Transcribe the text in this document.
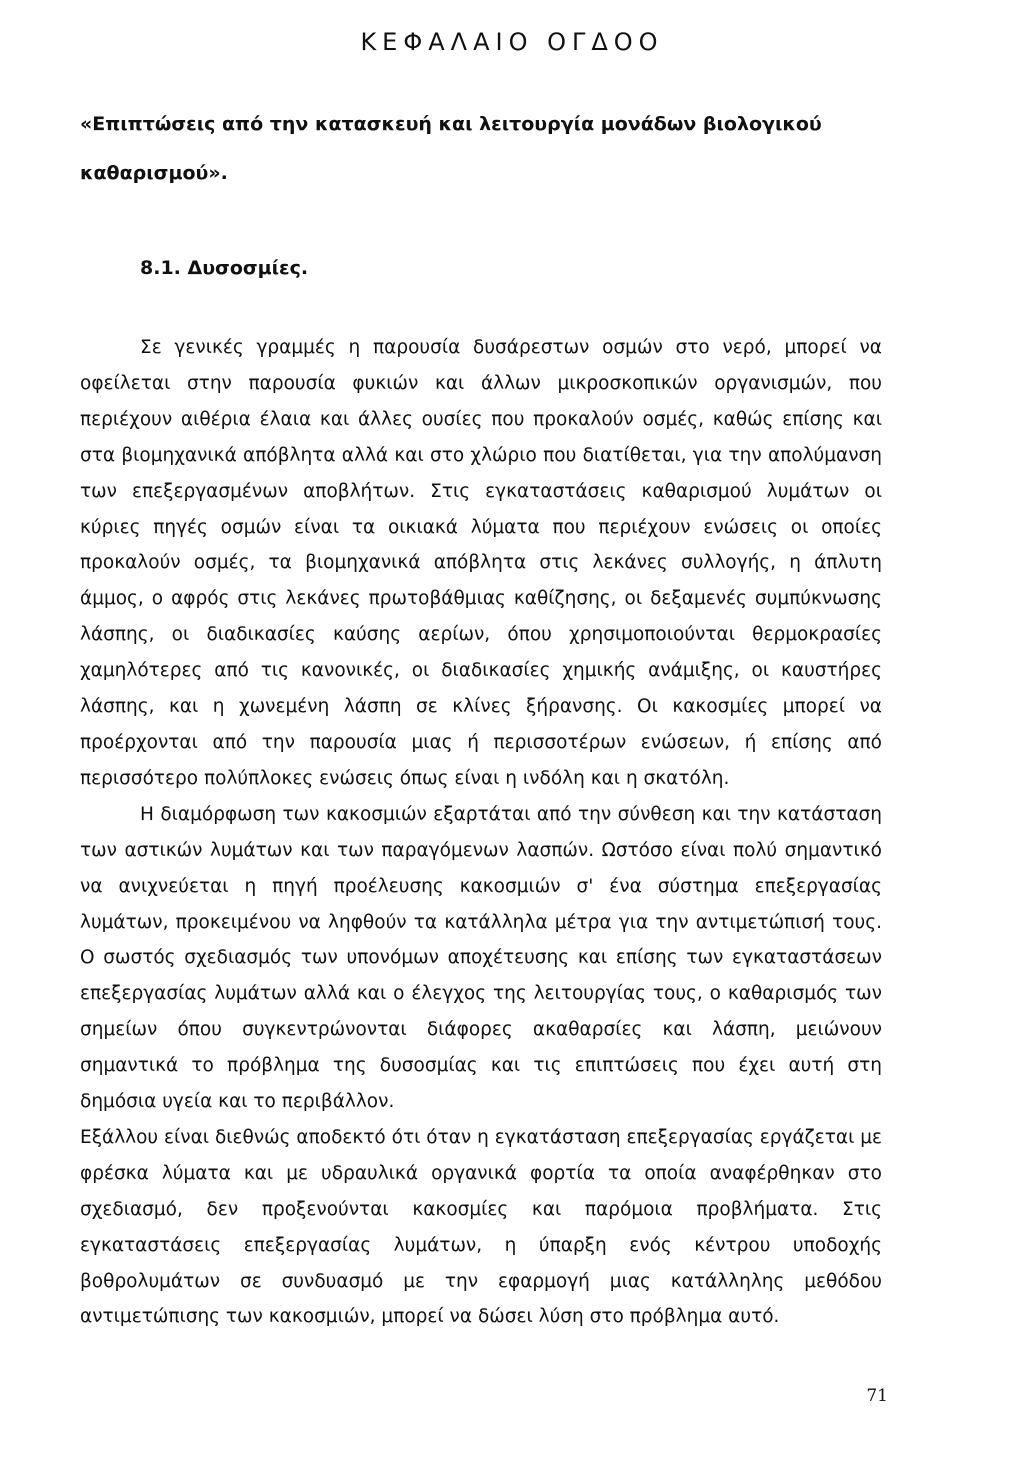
ΚΕΦΑΛΑΙΟ ΟΓΔΟΟ
«Επιπτώσεις από την κατασκευή και λειτουργία μονάδων βιολογικού καθαρισμού».
8.1. Δυσοσμίες.

Σε γενικές γραμμές η παρουσία δυσάρεστων οσμών στο νερό, μπορεί να οφείλεται στην παρουσία φυκιών και άλλων μικροσκοπικών οργανισμών, που περιέχουν αιθέρια έλαια και άλλες ουσίες που προκαλούν οσμές, καθώς επίσης και στα βιομηχανικά απόβλητα αλλά και στο χλώριο που διατίθεται, για την απολύμανση των επεξεργασμένων αποβλήτων. Στις εγκαταστάσεις καθαρισμού λυμάτων οι κύριες πηγές οσμών είναι τα οικιακά λύματα που περιέχουν ενώσεις οι οποίες προκαλούν οσμές, τα βιομηχανικά απόβλητα στις λεκάνες συλλογής, η άπλυτη άμμος, ο αφρός στις λεκάνες πρωτοβάθμιας καθίζησης, οι δεξαμενές συμπύκνωσης λάσπης, οι διαδικασίες καύσης αερίων, όπου χρησιμοποιούνται θερμοκρασίες χαμηλότερες από τις κανονικές, οι διαδικασίες χημικής ανάμιξης, οι καυστήρες λάσπης, και η χωνεμένη λάσπη σε κλίνες ξήρανσης. Οι κακοσμίες μπορεί να προέρχονται από την παρουσία μιας ή περισσοτέρων ενώσεων, ή επίσης από περισσότερο πολύπλοκες ενώσεις όπως είναι η ινδόλη και η σκατόλη.

Η διαμόρφωση των κακοσμιών εξαρτάται από την σύνθεση και την κατάσταση των αστικών λυμάτων και των παραγόμενων λασπών. Ωστόσο είναι πολύ σημαντικό να ανιχνεύεται η πηγή προέλευσης κακοσμιών σ' ένα σύστημα επεξεργασίας λυμάτων, προκειμένου να ληφθούν τα κατάλληλα μέτρα για την αντιμετώπισή τους. Ο σωστός σχεδιασμός των υπονόμων αποχέτευσης και επίσης των εγκαταστάσεων επεξεργασίας λυμάτων αλλά και ο έλεγχος της λειτουργίας τους, ο καθαρισμός των σημείων όπου συγκεντρώνονται διάφορες ακαθαρσίες και λάσπη, μειώνουν σημαντικά το πρόβλημα της δυσοσμίας και τις επιπτώσεις που έχει αυτή στη δημόσια υγεία και το περιβάλλον.

Εξάλλου είναι διεθνώς αποδεκτό ότι όταν η εγκατάσταση επεξεργασίας εργάζεται με φρέσκα λύματα και με υδραυλικά οργανικά φορτία τα οποία αναφέρθηκαν στο σχεδιασμό, δεν προξενούνται κακοσμίες και παρόμοια προβλήματα. Στις εγκαταστάσεις επεξεργασίας λυμάτων, η ύπαρξη ενός κέντρου υποδοχής βοθρολυμάτων σε συνδυασμό με την εφαρμογή μιας κατάλληλης μεθόδου αντιμετώπισης των κακοσμιών, μπορεί να δώσει λύση στο πρόβλημα αυτό.

71
